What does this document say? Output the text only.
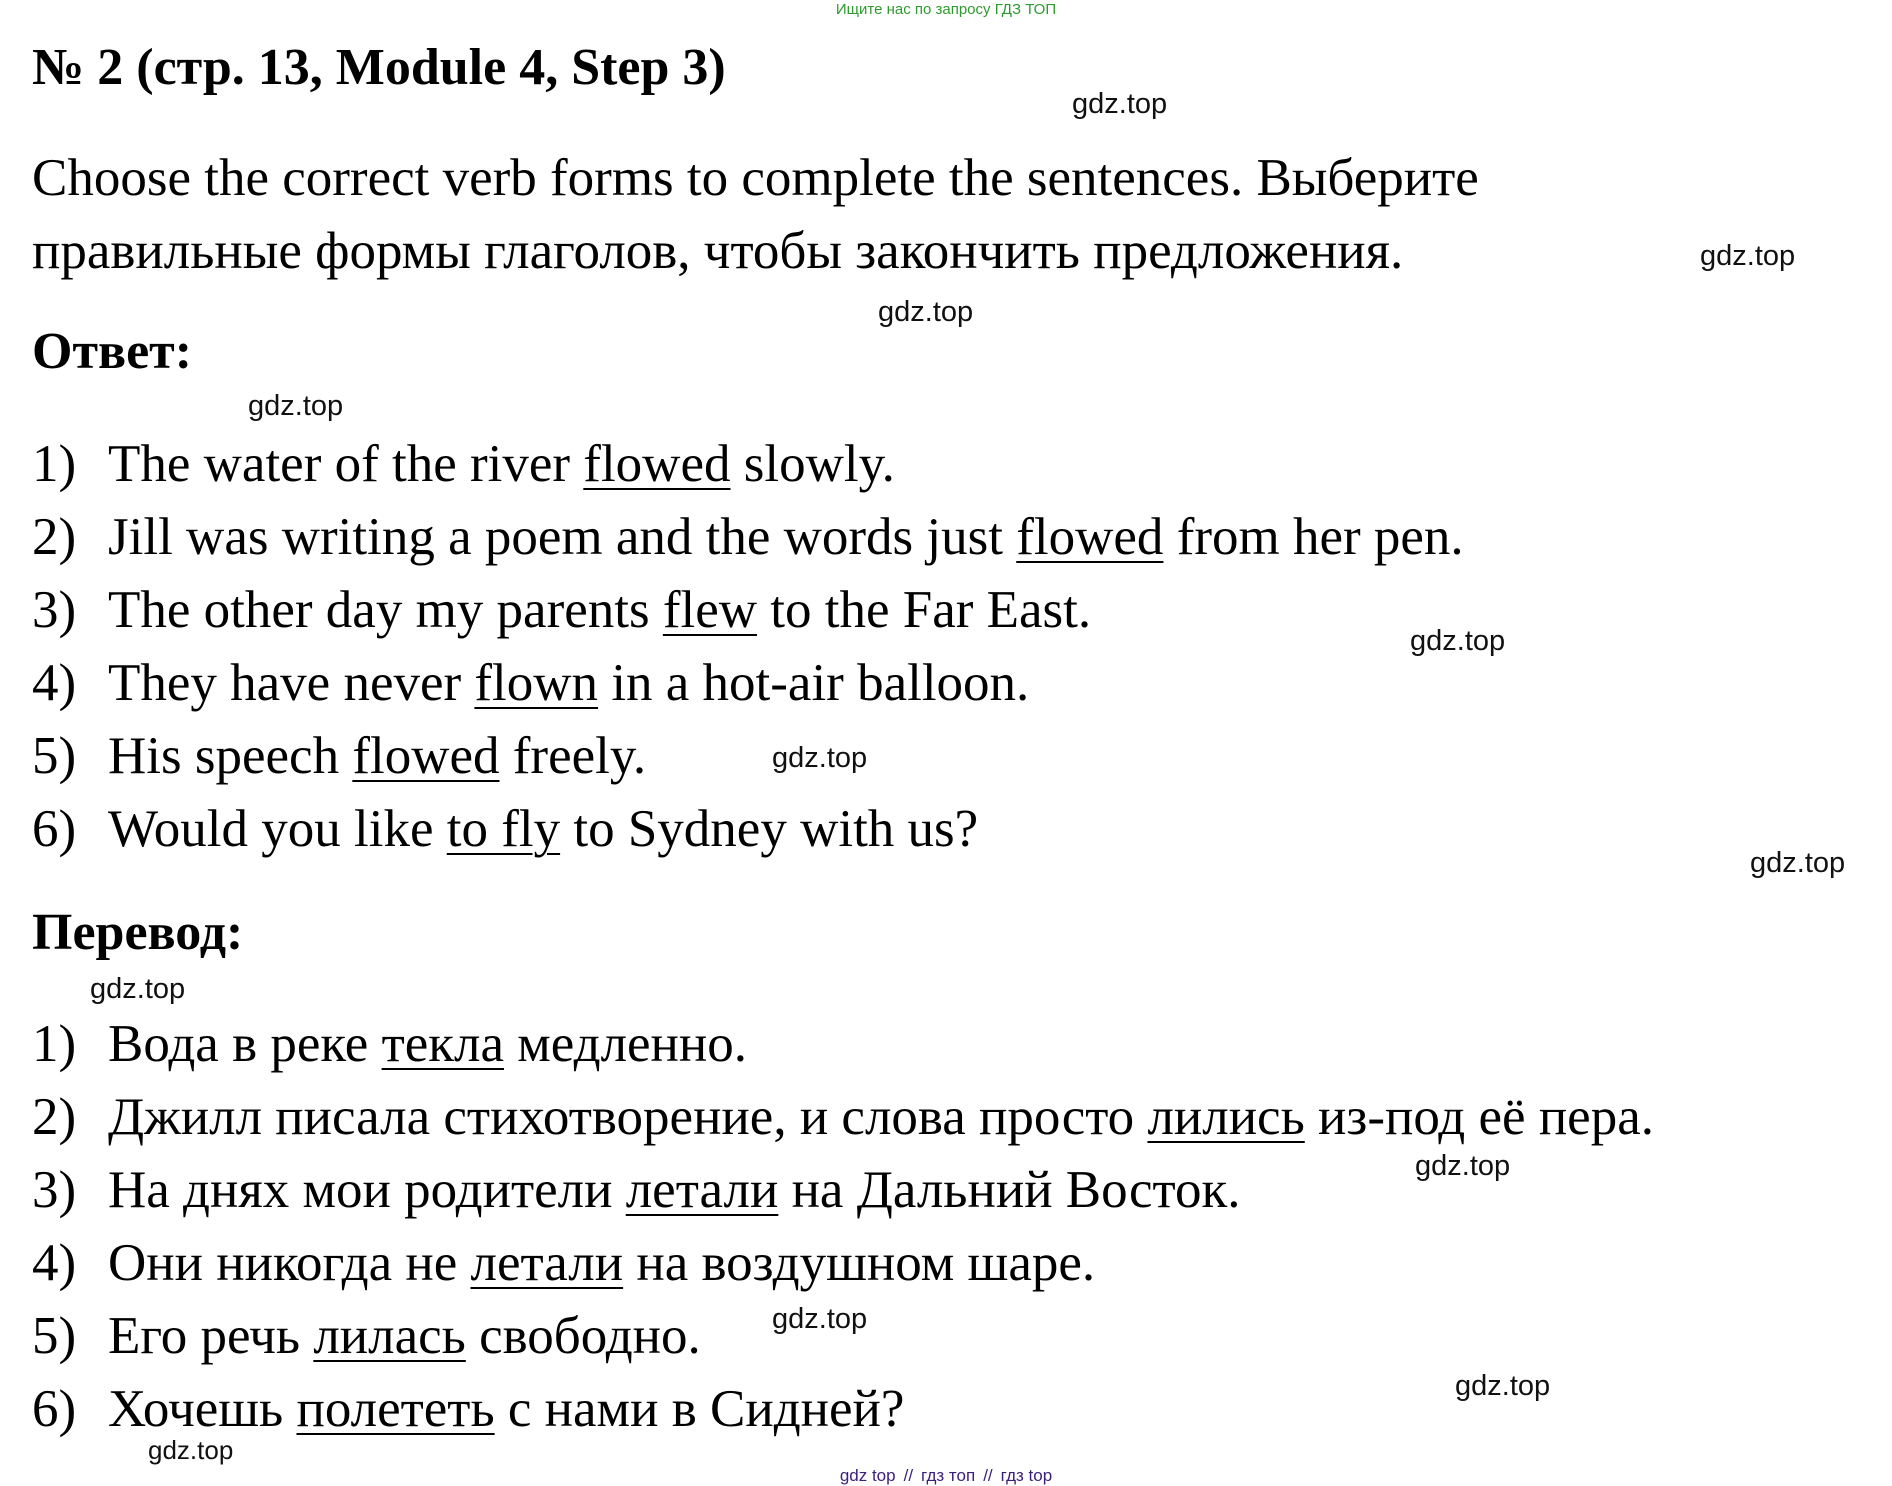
Ищите нас по запросу ГДЗ ТОП
№ 2 (стр. 13, Module 4, Step 3)
Choose the correct verb forms to complete the sentences. Выберите
правильные формы глаголов, чтобы закончить предложения.
Ответ:
1) The water of the river flowed slowly.
2) Jill was writing a poem and the words just flowed from her pen.
3) The other day my parents flew to the Far East.
4) They have never flown in a hot-air balloon.
5) His speech flowed freely.
6) Would you like to fly to Sydney with us?
Перевод:
1) Вода в реке текла медленно.
2) Джилл писала стихотворение, и слова просто лились из-под её пера.
3) На днях мои родители летали на Дальний Восток.
4) Они никогда не летали на воздушном шаре.
5) Его речь лилась свободно.
6) Хочешь полететь с нами в Сидней?
gdz.top
gdz.top
gdz.top
gdz.top
gdz.top
gdz.top
gdz.top
gdz.top
gdz.top
gdz.top
gdz.top
gdz.top
gdz top // гдз топ // гдз top
